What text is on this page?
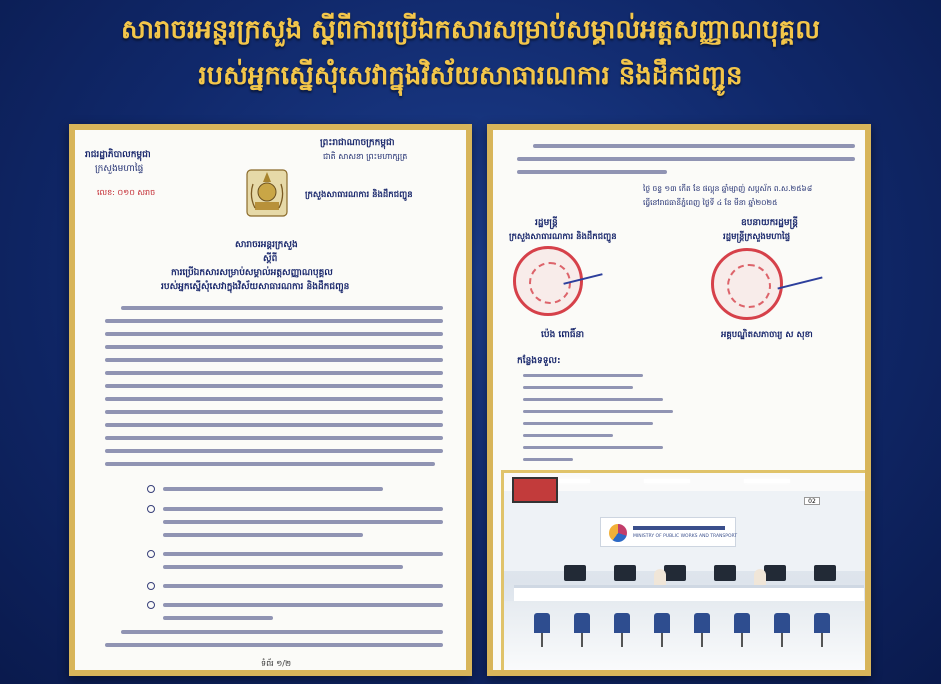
សារាចរអន្តរក្រសួង ស្តីពីការប្រើឯកសារសម្រាប់សម្គាល់អត្តសញ្ញាណបុគ្គល
របស់អ្នកស្នើសុំសេវាក្នុងវិស័យសាធារណការ និងដឹកជញ្ជូន
រាជរដ្ឋាភិបាលកម្ពុជា
ក្រសួងមហាផ្ទៃ
លេខ: ០១០ សរាច
ព្រះរាជាណាចក្រកម្ពុជា
ជាតិ សាសនា ព្រះមហាក្សត្រ
ក្រសួងសាធារណការ និងដឹកជញ្ជូន
សារាចរអន្តរក្រសួង
ស្តីពី
ការប្រើឯកសារសម្រាប់សម្គាល់អត្តសញ្ញាណបុគ្គល
របស់អ្នកស្នើសុំសេវាក្នុងវិស័យសាធារណការ និងដឹកជញ្ជូន
ទំព័រ ១/២
ថ្ងៃ ចន្ទ ១៣ កើត ខែ ផល្គុន ឆ្នាំម្សាញ់ សប្តស័ក ព.ស.២៥៦៨
ធ្វើនៅរាជធានីភ្នំពេញ ថ្ងៃទី ៤ ខែ មីនា ឆ្នាំ២០២៥
រដ្ឋមន្ត្រី
ក្រសួងសាធារណការ និងដឹកជញ្ជូន
ឧបនាយករដ្ឋមន្ត្រី
រដ្ឋមន្ត្រីក្រសួងមហាផ្ទៃ
ប៉េង ពោធិ៍នា	អគ្គបណ្ឌិតសភាចារ្យ ស សុខា
កន្លែងទទួល:
MINISTRY OF PUBLIC WORKS AND TRANSPORT
02
